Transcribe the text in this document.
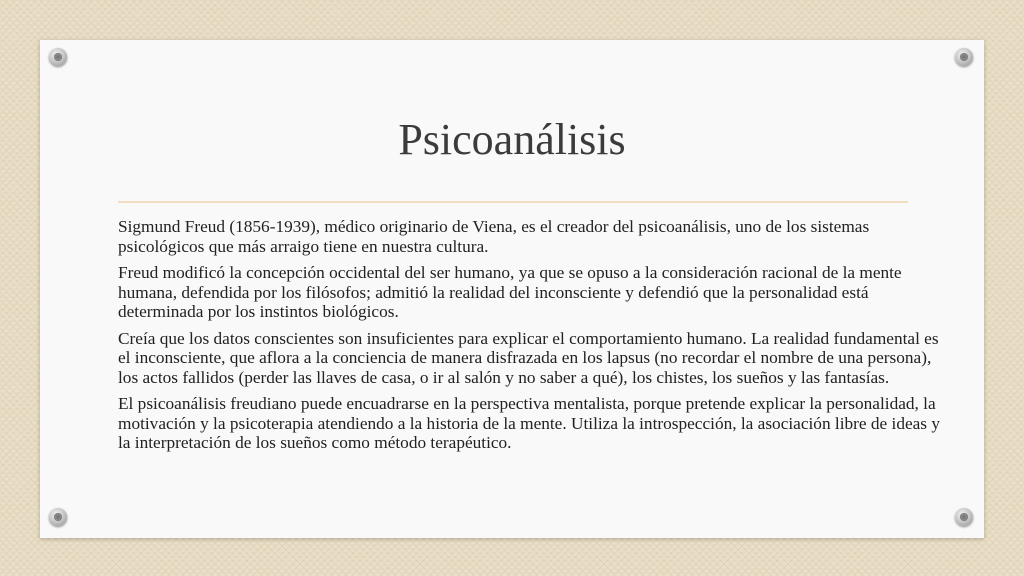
Psicoanálisis

Sigmund Freud (1856-1939), médico originario de Viena, es el creador del psicoanálisis, uno de los sistemas psicológicos que más arraigo tiene en nuestra cultura.

Freud modificó la concepción occidental del ser humano, ya que se opuso a la consideración racional de la mente humana, defendida por los filósofos; admitió la realidad del inconsciente y defendió que la personalidad está determinada por los instintos biológicos.

Creía que los datos conscientes son insuficientes para explicar el comportamiento humano. La realidad fundamental es el inconsciente, que aflora a la conciencia de manera disfrazada en los lapsus (no recordar el nombre de una persona), los actos fallidos (perder las llaves de casa, o ir al salón y no saber a qué), los chistes, los sueños y las fantasías.

El psicoanálisis freudiano puede encuadrarse en la perspectiva mentalista, porque pretende explicar la personalidad, la motivación y la psicoterapia atendiendo a la historia de la mente. Utiliza la introspección, la asociación libre de ideas y la interpretación de los sueños como método terapéutico.
